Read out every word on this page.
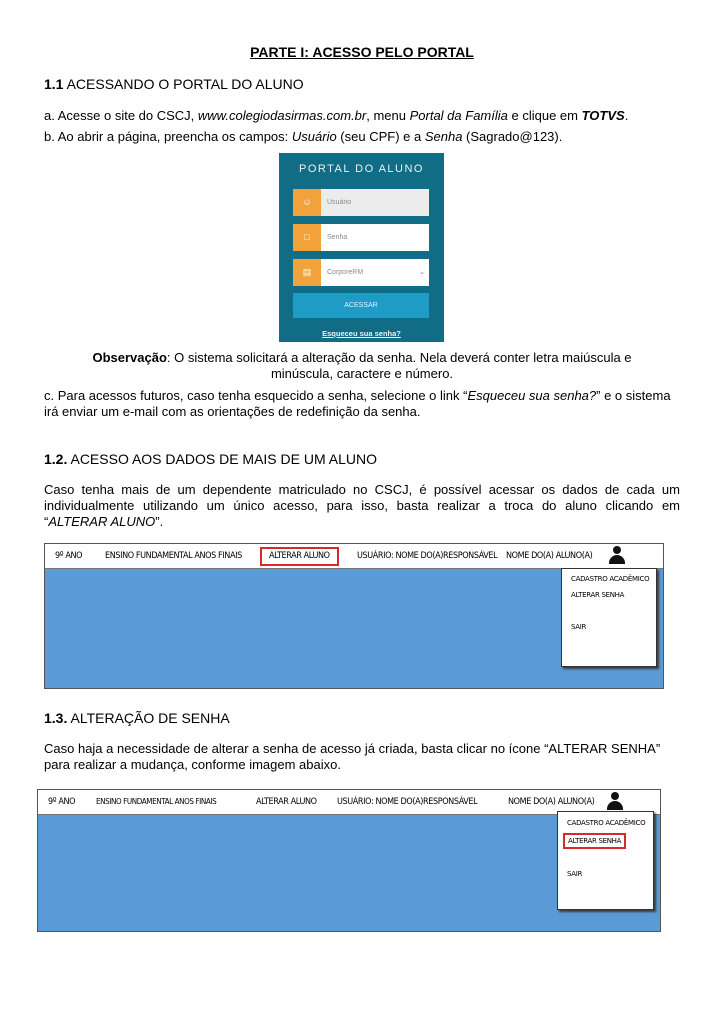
PARTE I: ACESSO PELO PORTAL
1.1 ACESSANDO O PORTAL DO ALUNO
a. Acesse o site do CSCJ, www.colegiodasirmas.com.br, menu Portal da Família e clique em TOTVS.
b. Ao abrir a página, preencha os campos: Usuário (seu CPF) e a Senha (Sagrado@123).
PORTAL DO ALUNO
☺	Usuário
□	Senha
▤	CorporeRM	⌄
ACESSAR
Esqueceu sua senha?
Observação: O sistema solicitará a alteração da senha. Nela deverá conter letra maiúscula e
minúscula, caractere e número.
c. Para acessos futuros, caso tenha esquecido a senha, selecione o link “Esqueceu sua senha?” e o sistema
irá enviar um e-mail com as orientações de redefinição da senha.
1.2. ACESSO AOS DADOS DE MAIS DE UM ALUNO
Caso tenha mais de um dependente matriculado no CSCJ, é possível acessar os dados de cada um
individualmente utilizando um único acesso, para isso, basta realizar a troca do aluno clicando em
“ALTERAR ALUNO”.
9º ANO	ENSINO FUNDAMENTAL ANOS FINAIS	ALTERAR ALUNO	USUÁRIO: NOME DO(A)RESPONSÁVEL NOME DO(A) ALUNO(A)
CADASTRO ACADÊMICO
ALTERAR SENHA
SAIR
1.3. ALTERAÇÃO DE SENHA
Caso haja a necessidade de alterar a senha de acesso já criada, basta clicar no ícone “ALTERAR SENHA”
para realizar a mudança, conforme imagem abaixo.
9º ANO	ENSINO FUNDAMENTAL ANOS FINAIS	ALTERAR ALUNO USUÁRIO: NOME DO(A)RESPONSÁVEL	NOME DO(A) ALUNO(A)
CADASTRO ACADÊMICO
ALTERAR SENHA
SAIR
